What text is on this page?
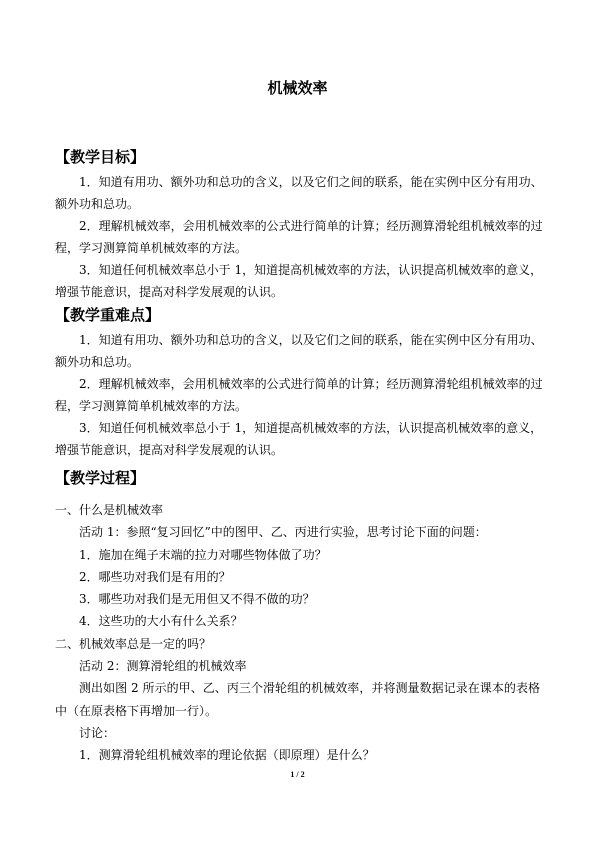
机械效率
【教学目标】
1．知道有用功、额外功和总功的含义，以及它们之间的联系，能在实例中区分有用功、
额外功和总功。
2．理解机械效率，会用机械效率的公式进行简单的计算；经历测算滑轮组机械效率的过
程，学习测算简单机械效率的方法。
3．知道任何机械效率总小于 1，知道提高机械效率的方法，认识提高机械效率的意义，
增强节能意识，提高对科学发展观的认识。
【教学重难点】
1．知道有用功、额外功和总功的含义，以及它们之间的联系，能在实例中区分有用功、
额外功和总功。
2．理解机械效率，会用机械效率的公式进行简单的计算；经历测算滑轮组机械效率的过
程，学习测算简单机械效率的方法。
3．知道任何机械效率总小于 1，知道提高机械效率的方法，认识提高机械效率的意义，
增强节能意识，提高对科学发展观的认识。
【教学过程】
一、什么是机械效率
活动 1：参照“复习回忆”中的图甲、乙、丙进行实验，思考讨论下面的问题：
1．施加在绳子末端的拉力对哪些物体做了功？
2．哪些功对我们是有用的？
3．哪些功对我们是无用但又不得不做的功？
4．这些功的大小有什么关系？
二、机械效率总是一定的吗？
活动 2：测算滑轮组的机械效率
测出如图 2 所示的甲、乙、丙三个滑轮组的机械效率，并将测量数据记录在课本的表格
中（在原表格下再增加一行）。
讨论：
1．测算滑轮组机械效率的理论依据（即原理）是什么？
1 / 2
